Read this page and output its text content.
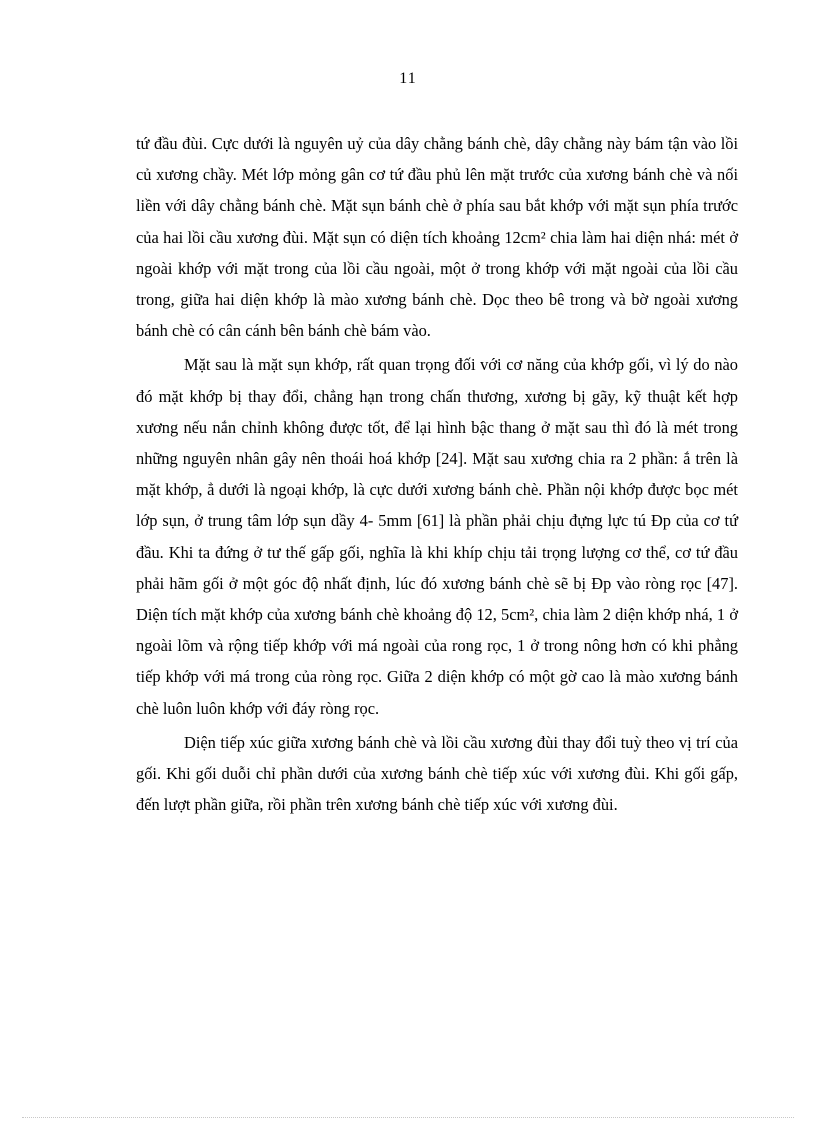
11

tứ đầu đùi. Cực dưới là nguyên uỷ của dây chằng bánh chè, dây chằng này bám tận vào lồi củ xương chầy. Mét lớp mỏng gân cơ tứ đầu phủ lên mặt trước của xương bánh chè và nối liền với dây chằng bánh chè. Mặt sụn bánh chè ở phía sau bắt khớp với mặt sụn phía trước của hai lồi cầu xương đùi. Mặt sụn có diện tích khoảng 12cm² chia làm hai diện nhá: mét ở ngoài khớp với mặt trong của lồi cầu ngoài, một ở trong khớp với mặt ngoài của lồi cầu trong, giữa hai diện khớp là mào xương bánh chè. Dọc theo bê trong và bờ ngoài xương bánh chè có cân cánh bên bánh chè bám vào.

Mặt sau là mặt sụn khớp, rất quan trọng đối với cơ năng của khớp gối, vì lý do nào đó mặt khớp bị thay đổi, chẳng hạn trong chấn thương, xương bị gãy, kỹ thuật kết hợp xương nếu nắn chỉnh không được tốt, để lại hình bậc thang ở mặt sau thì đó là mét trong những nguyên nhân gây nên thoái hoá khớp [24]. Mặt sau xương chia ra 2 phần: ắ trên là mặt khớp, ẳ dưới là ngoại khớp, là cực dưới xương bánh chè. Phần nội khớp được bọc mét lớp sụn, ở trung tâm lớp sụn dầy 4- 5mm [61] là phần phải chịu đựng lực tú Đp của cơ tứ đầu. Khi ta đứng ở tư thế gấp gối, nghĩa là khi khíp chịu tải trọng lượng cơ thể, cơ tứ đầu phải hãm gối ở một góc độ nhất định, lúc đó xương bánh chè sẽ bị Đp vào ròng rọc [47]. Diện tích mặt khớp của xương bánh chè khoảng độ 12, 5cm², chia làm 2 diện khớp nhá, 1 ở ngoài lõm và rộng tiếp khớp với má ngoài của rong rọc, 1 ở trong nông hơn có khi phẳng tiếp khớp với má trong của ròng rọc. Giữa 2 diện khớp có một gờ cao là mào xương bánh chè luôn luôn khớp với đáy ròng rọc.

Diện tiếp xúc giữa xương bánh chè và lồi cầu xương đùi thay đổi tuỳ theo vị trí của gối. Khi gối duỗi chỉ phần dưới của xương bánh chè tiếp xúc với xương đùi. Khi gối gấp, đến lượt phần giữa, rồi phần trên xương bánh chè tiếp xúc với xương đùi.
